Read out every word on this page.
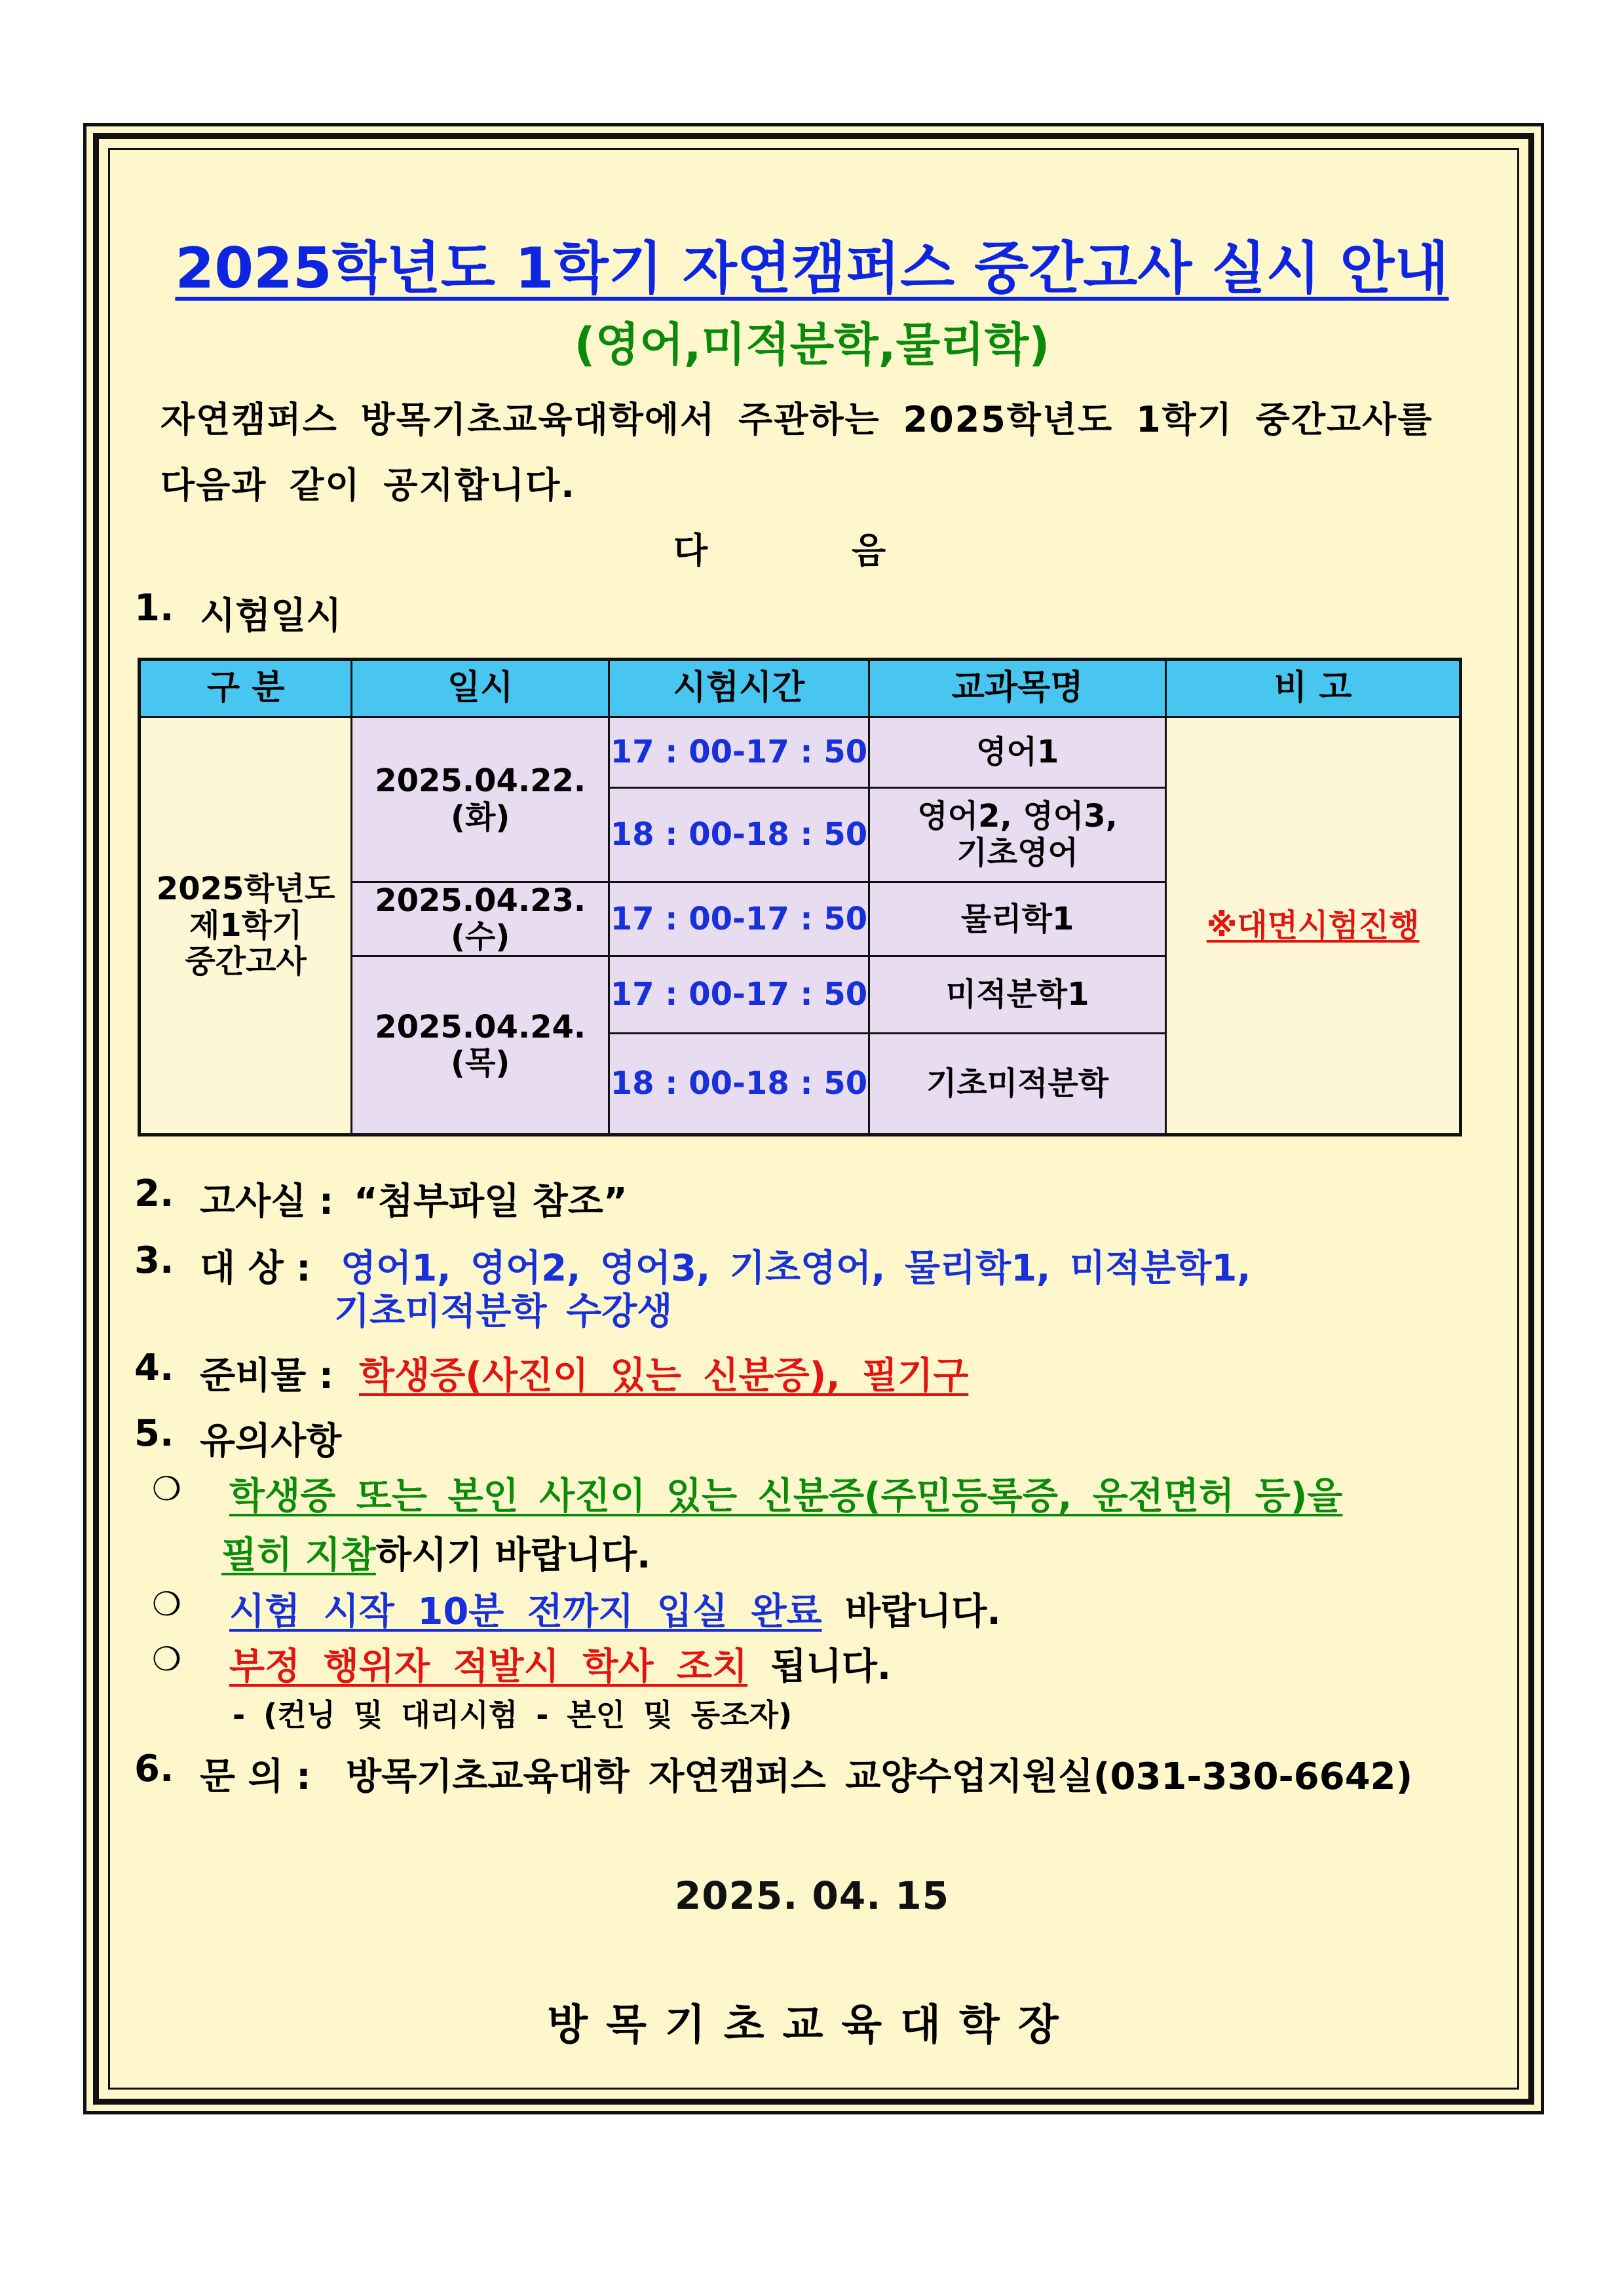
2025학년도 1학기 자연캠퍼스 중간고사 실시 안내
(영어,미적분학,물리학)
자연캠퍼스 방목기초교육대학에서 주관하는 2025학년도 1학기 중간고사를
다음과 같이 공지합니다.
다	음
1. 시험일시
구 분	일시	시험시간	교과목명	비 고

2025학년도
제1학기
중간고사	2025.04.22.(화)	17 : 00-17 : 50	영어1	※대면시험진행
		18 : 00-18 : 50	영어2, 영어3,
기초영어	

	2025.04.23.(수)	17 : 00-17 : 50	물리학1	

	2025.04.24.(목)	17 : 00-17 : 50	미적분학1	

		18 : 00-18 : 50	기초미적분학	
2. 고사실 : “첨부파일 참조”
3. 대 상 : 영어1, 영어2, 영어3, 기초영어, 물리학1, 미적분학1,
기초미적분학 수강생
4. 준비물 : 학생증(사진이 있는 신분증), 필기구
5. 유의사항
❍ 학생증 또는 본인 사진이 있는 신분증(주민등록증, 운전면허 등)을
필히 지참하시기 바랍니다.
❍ 시험 시작 10분 전까지 입실 완료 바랍니다.
❍ 부정 행위자 적발시 학사 조치 됩니다.
- (컨닝 및 대리시험 - 본인 및 동조자)
6. 문 의 : 방목기초교육대학 자연캠퍼스 교양수업지원실(031-330-6642)
2025. 04. 15
방목기초교육대학장
